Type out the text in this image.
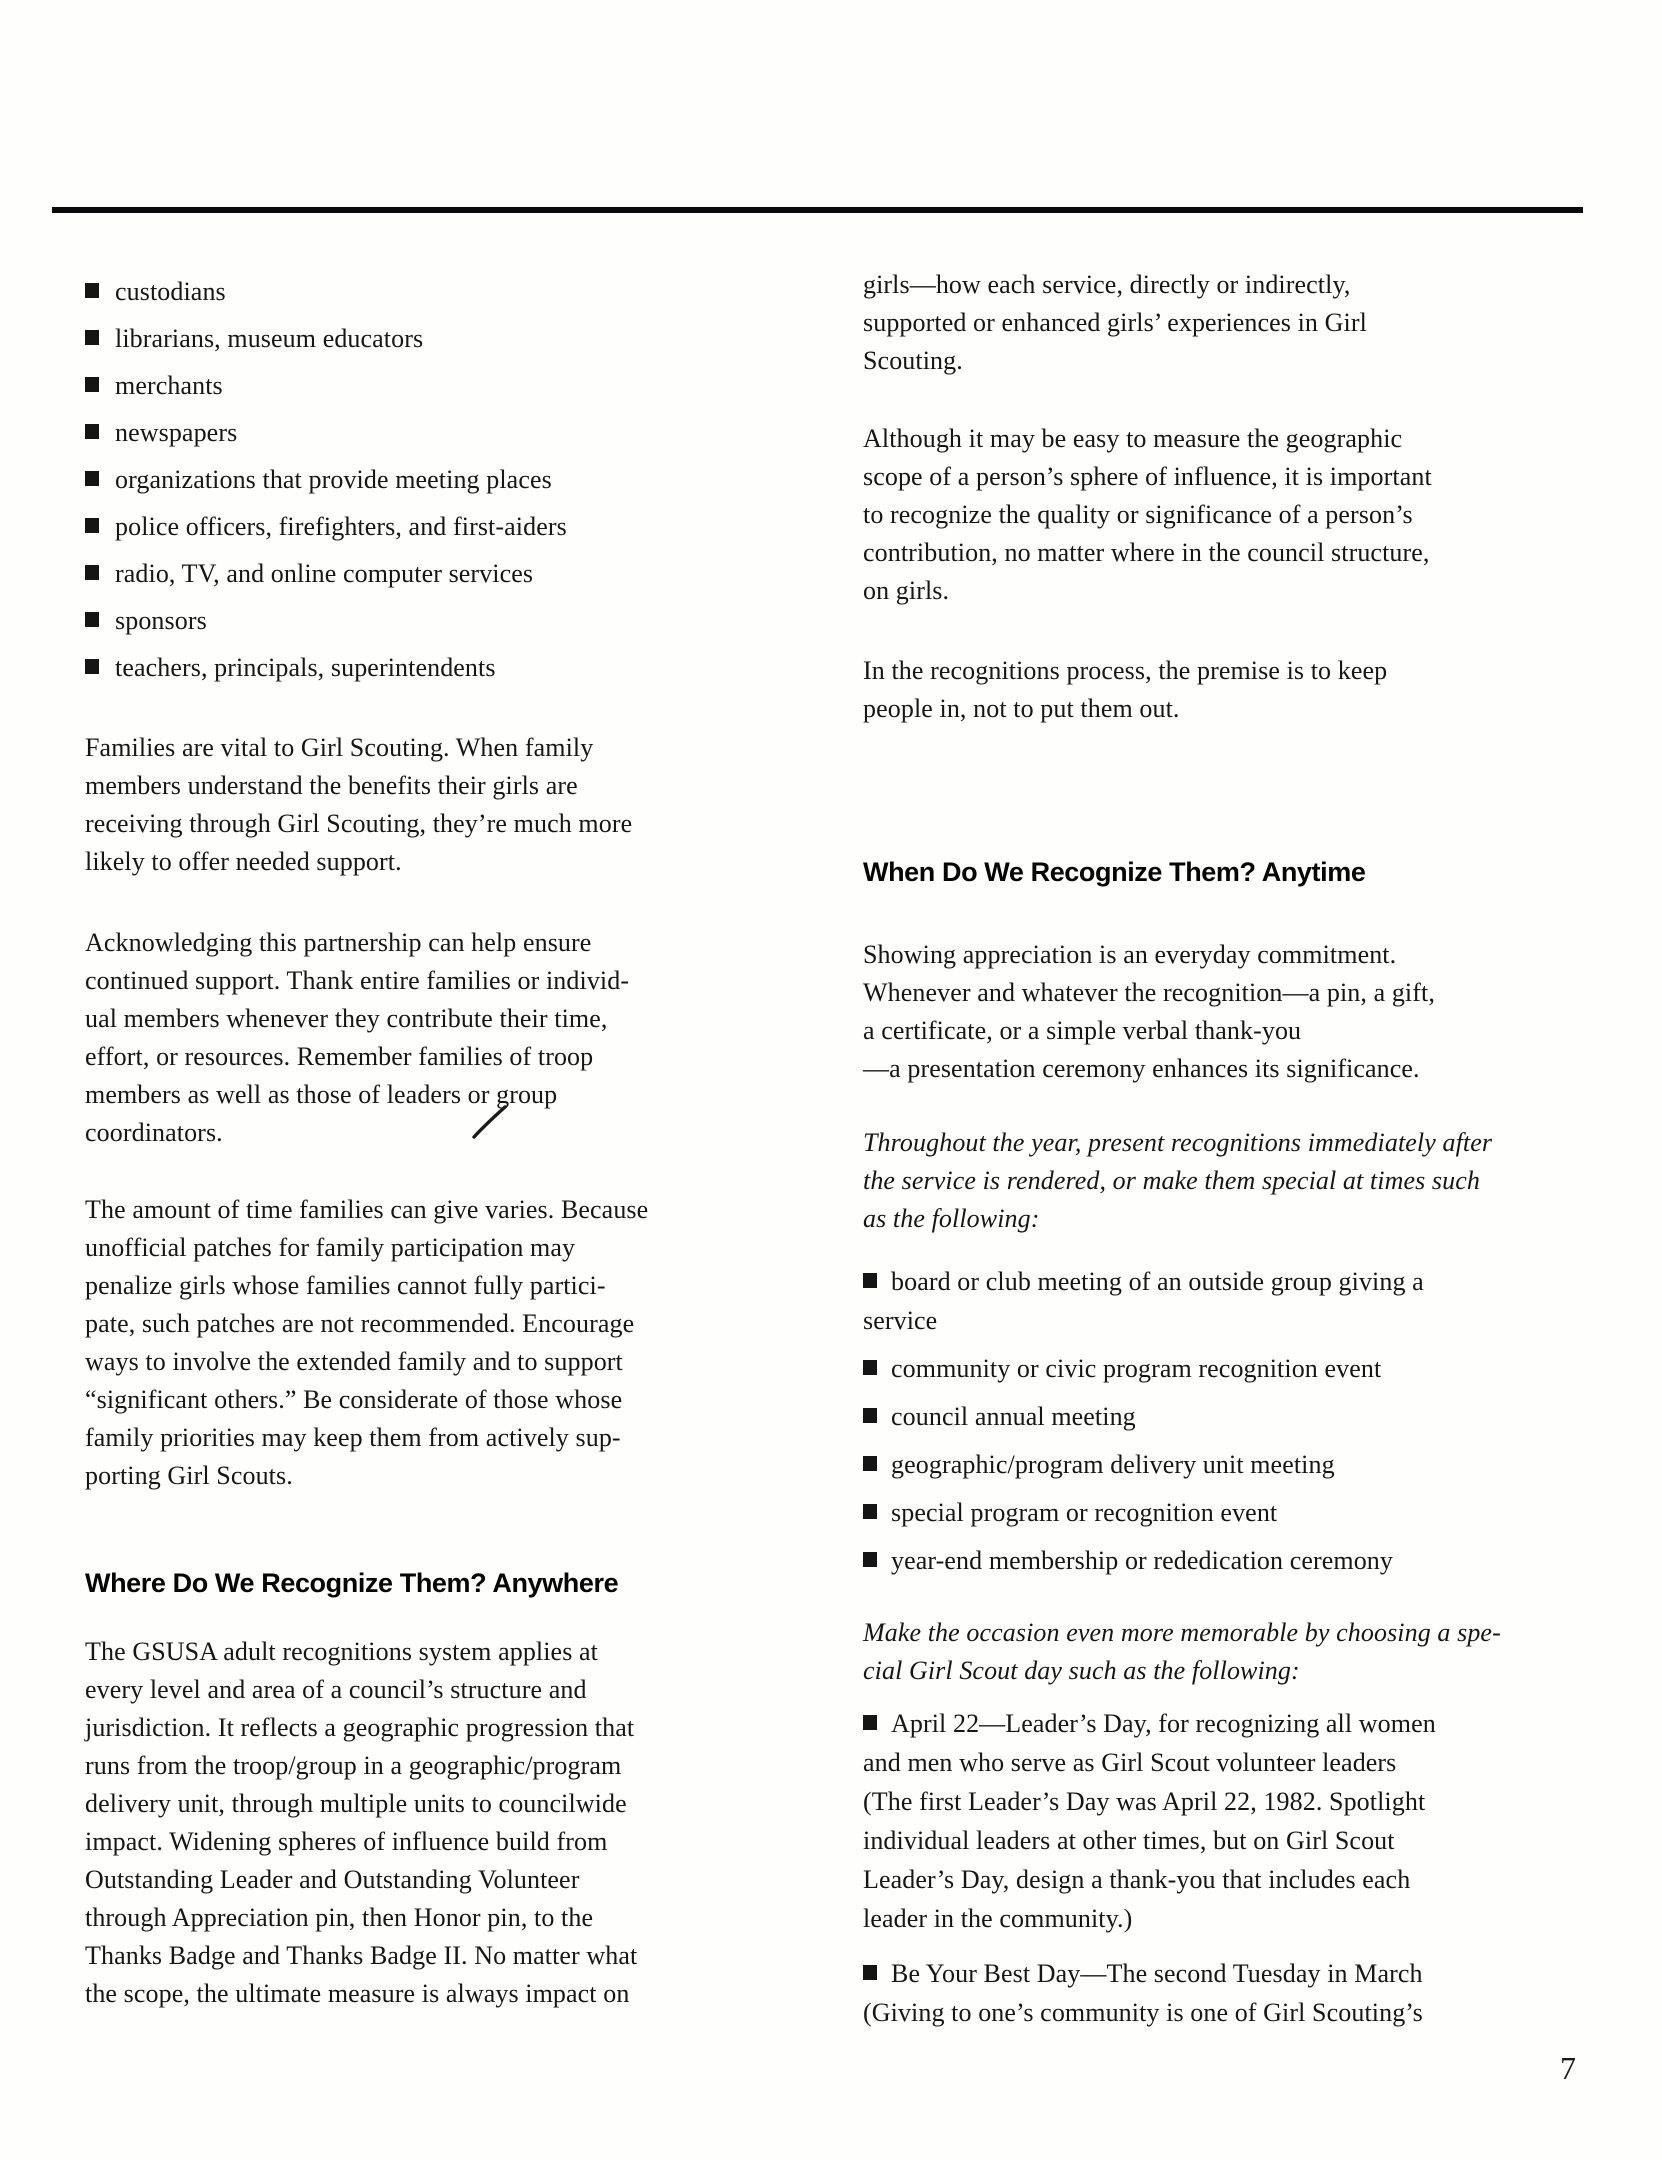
custodians
librarians, museum educators
merchants
newspapers
organizations that provide meeting places
police officers, firefighters, and first-aiders
radio, TV, and online computer services
sponsors
teachers, principals, superintendents
Families are vital to Girl Scouting. When family
members understand the benefits their girls are
receiving through Girl Scouting, they’re much more
likely to offer needed support.
Acknowledging this partnership can help ensure
continued support. Thank entire families or individ-
ual members whenever they contribute their time,
effort, or resources. Remember families of troop
members as well as those of leaders or group
coordinators.
The amount of time families can give varies. Because
unofficial patches for family participation may
penalize girls whose families cannot fully partici-
pate, such patches are not recommended. Encourage
ways to involve the extended family and to support
“significant others.” Be considerate of those whose
family priorities may keep them from actively sup-
porting Girl Scouts.
Where Do We Recognize Them? Anywhere
The GSUSA adult recognitions system applies at
every level and area of a council’s structure and
jurisdiction. It reflects a geographic progression that
runs from the troop/group in a geographic/program
delivery unit, through multiple units to councilwide
impact. Widening spheres of influence build from
Outstanding Leader and Outstanding Volunteer
through Appreciation pin, then Honor pin, to the
Thanks Badge and Thanks Badge II. No matter what
the scope, the ultimate measure is always impact on
girls—how each service, directly or indirectly,
supported or enhanced girls’ experiences in Girl
Scouting.
Although it may be easy to measure the geographic
scope of a person’s sphere of influence, it is important
to recognize the quality or significance of a person’s
contribution, no matter where in the council structure,
on girls.
In the recognitions process, the premise is to keep
people in, not to put them out.
When Do We Recognize Them? Anytime
Showing appreciation is an everyday commitment.
Whenever and whatever the recognition—a pin, a gift,
a certificate, or a simple verbal thank-you
—a presentation ceremony enhances its significance.
Throughout the year, present recognitions immediately after
the service is rendered, or make them special at times such
as the following:
board or club meeting of an outside group giving a
service
community or civic program recognition event
council annual meeting
geographic/program delivery unit meeting
special program or recognition event
year-end membership or rededication ceremony
Make the occasion even more memorable by choosing a spe-
cial Girl Scout day such as the following:
April 22—Leader’s Day, for recognizing all women
and men who serve as Girl Scout volunteer leaders
(The first Leader’s Day was April 22, 1982. Spotlight
individual leaders at other times, but on Girl Scout
Leader’s Day, design a thank-you that includes each
leader in the community.)
Be Your Best Day—The second Tuesday in March
(Giving to one’s community is one of Girl Scouting’s
7
